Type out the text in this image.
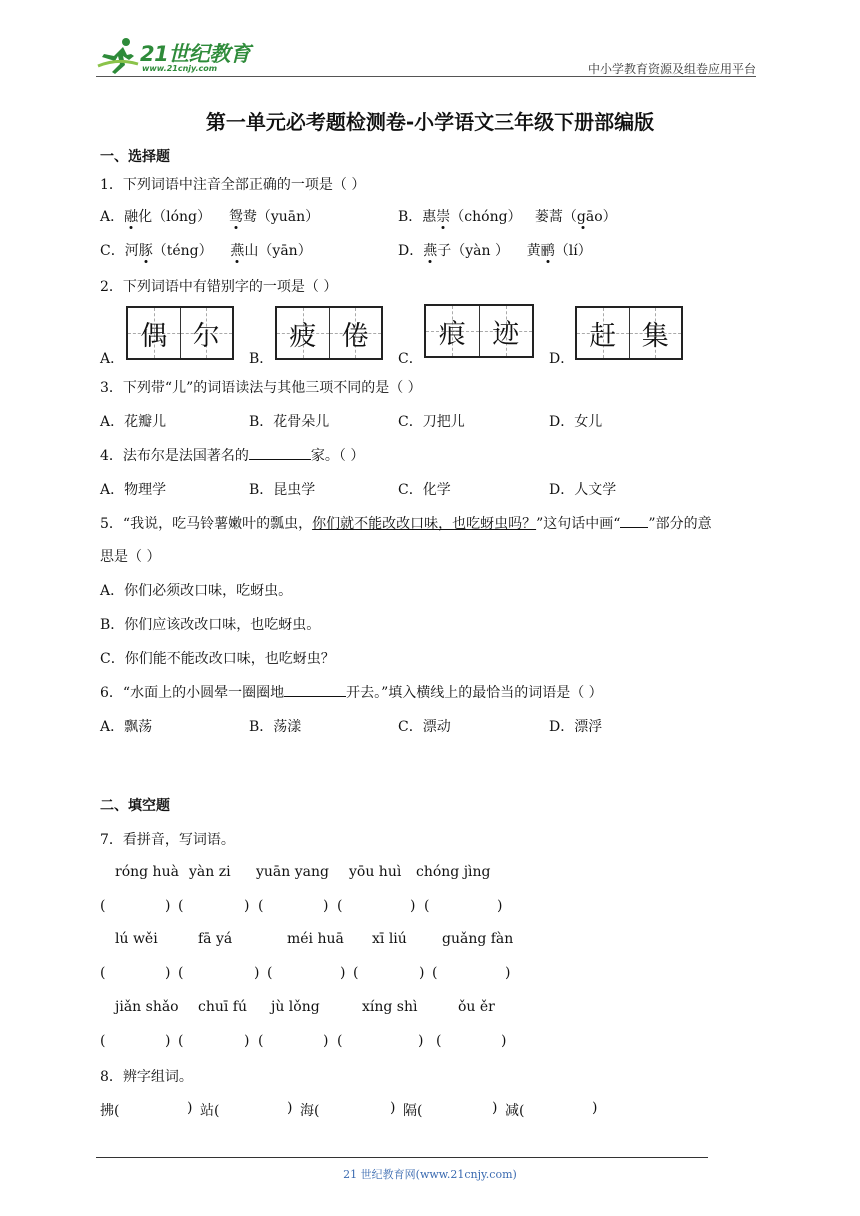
21世纪教育
www.21cnjy.com	中小学教育资源及组卷应用平台
第一单元必考题检测卷-小学语文三年级下册部编版
一、选择题
1．下列词语中注音全部正确的一项是（ ）
A．融化（lóng） 鸳鸯（yuān）	B．惠崇（chóng） 蒌蒿（gāo）
C．河豚（téng） 燕山（yān）	D．燕子（yàn ） 黄鹂（lí）
2．下列词语中有错别字的一项是（ ）
A．
偶 尔
B．
疲 倦
C．
痕 迹
D．
赶 集
3．下列带“儿”的词语读法与其他三项不同的是（ ）
A．花瓣儿	B．花骨朵儿	C．刀把儿	D．女儿
4．法布尔是法国著名的	家。（ ）
A．物理学	B．昆虫学	C．化学	D．人文学
5．“我说，吃马铃薯嫩叶的瓢虫，你们就不能改改口味，也吃蚜虫吗？”这句话中画“ ”部分的意
思是（ ）
A．你们必须改口味，吃蚜虫。
B．你们应该改改口味，也吃蚜虫。
C．你们能不能改改口味，也吃蚜虫？
6．“水面上的小圆晕一圈圈地	开去。”填入横线上的最恰当的词语是（ ）
A．飘荡	B．荡漾	C．漂动	D．漂浮
二、填空题
7．看拼音，写词语。
róng huà yàn zi yuān yang yōu huì chóng jìng
(	) (	) (	) (	) (	)
lú wěi	fā yá	méi huā xī liú	guǎng fàn
(	) (	) (	) (	) (	)
jiǎn shǎo chuī fú jù lǒng	xíng shì	ǒu ěr
(	) (	) (	) (	) (	)
8．辨字组词。
拂(	) 站(	) 海(	) 隔(	) 减(	)
21 世纪教育网(www.21cnjy.com)
